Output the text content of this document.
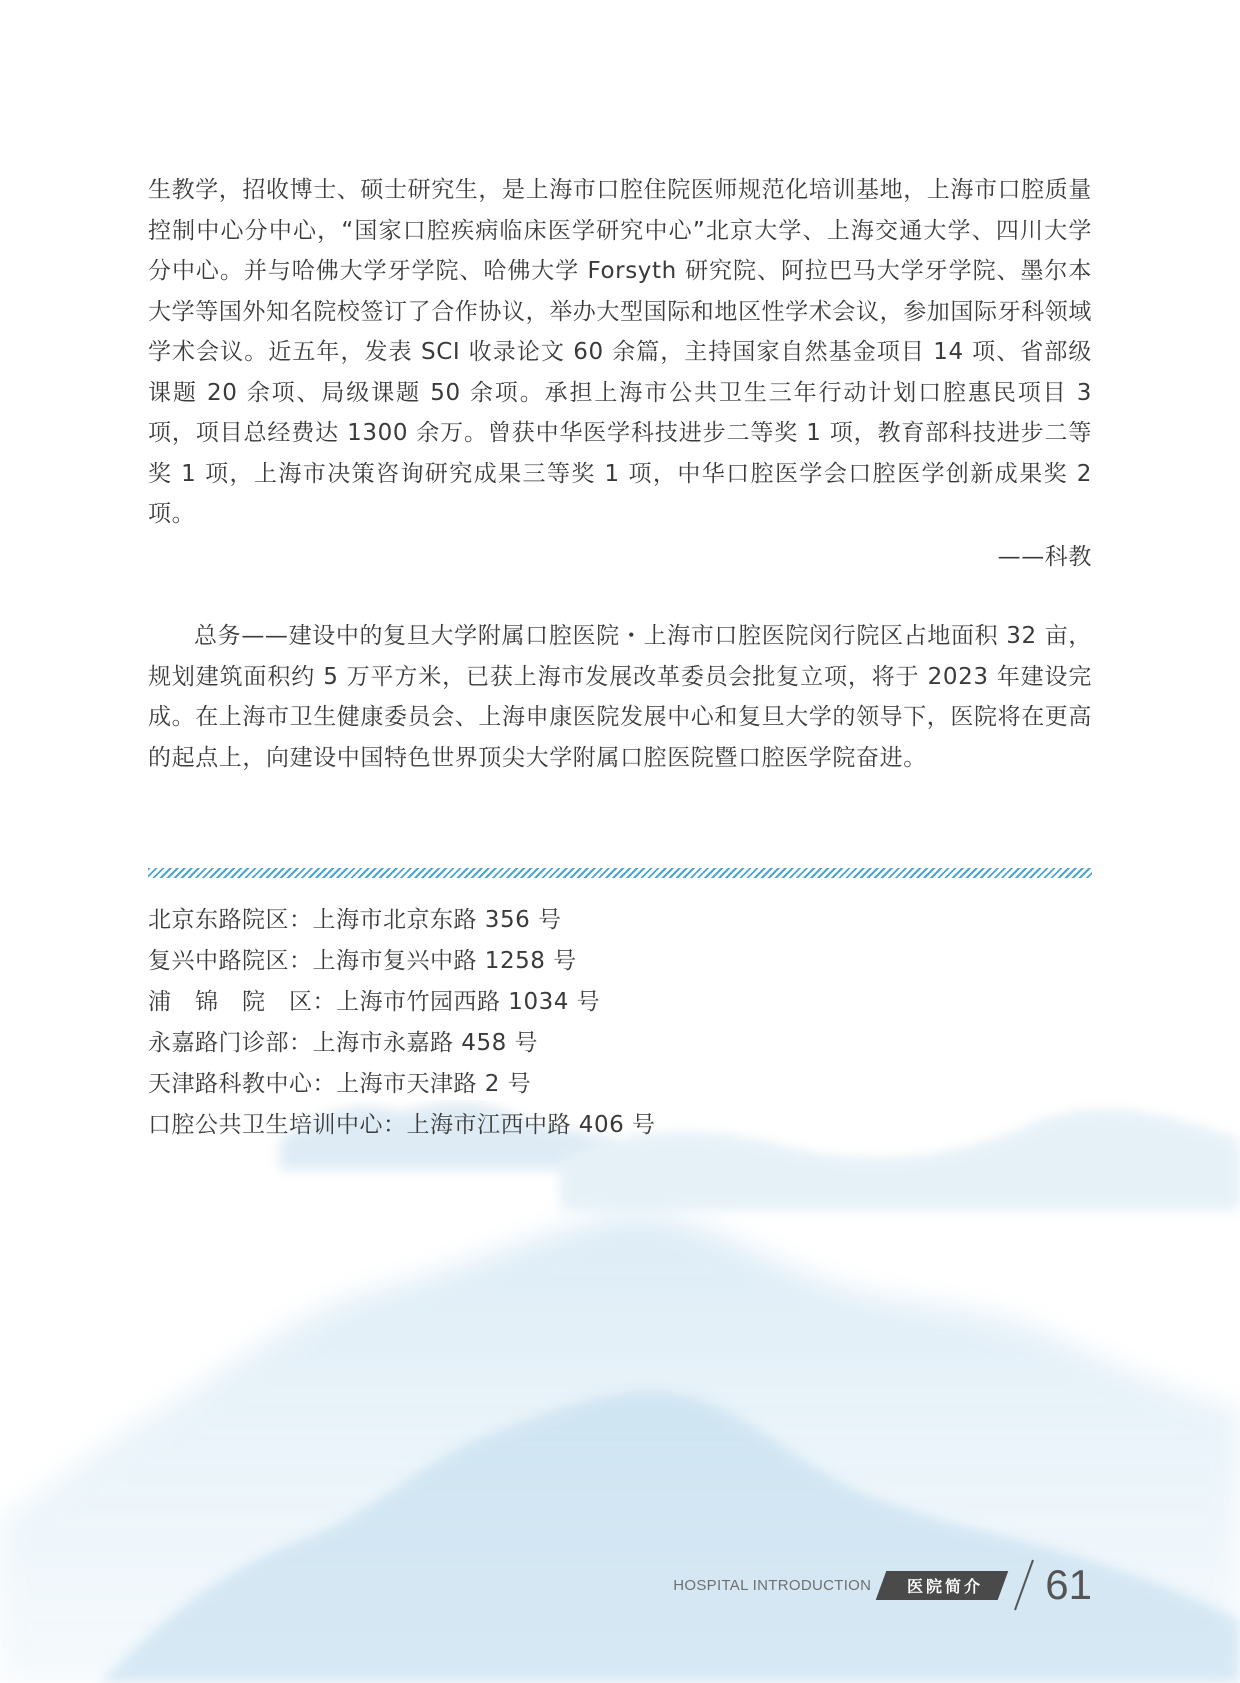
生教学，招收博士、硕士研究生，是上海市口腔住院医师规范化培训基地，上海市口腔质量控制中心分中心，“国家口腔疾病临床医学研究中心”北京大学、上海交通大学、四川大学分中心。并与哈佛大学牙学院、哈佛大学 Forsyth 研究院、阿拉巴马大学牙学院、墨尔本大学等国外知名院校签订了合作协议，举办大型国际和地区性学术会议，参加国际牙科领域学术会议。近五年，发表 SCI 收录论文 60 余篇，主持国家自然基金项目 14 项、省部级课题 20 余项、局级课题 50 余项。承担上海市公共卫生三年行动计划口腔惠民项目 3 项，项目总经费达 1300 余万。曾获中华医学科技进步二等奖 1 项，教育部科技进步二等奖 1 项，上海市决策咨询研究成果三等奖 1 项，中华口腔医学会口腔医学创新成果奖 2 项。

——科教

总务——建设中的复旦大学附属口腔医院・上海市口腔医院闵行院区占地面积 32 亩，规划建筑面积约 5 万平方米，已获上海市发展改革委员会批复立项，将于 2023 年建设完成。在上海市卫生健康委员会、上海申康医院发展中心和复旦大学的领导下，医院将在更高的起点上，向建设中国特色世界顶尖大学附属口腔医院暨口腔医学院奋进。

北京东路院区：上海市北京东路 356 号
复兴中路院区：上海市复兴中路 1258 号
浦　锦　院　区：上海市竹园西路 1034 号
永嘉路门诊部：上海市永嘉路 458 号
天津路科教中心：上海市天津路 2 号
口腔公共卫生培训中心：上海市江西中路 406 号
HOSPITAL INTRODUCTION	医院简介	61
